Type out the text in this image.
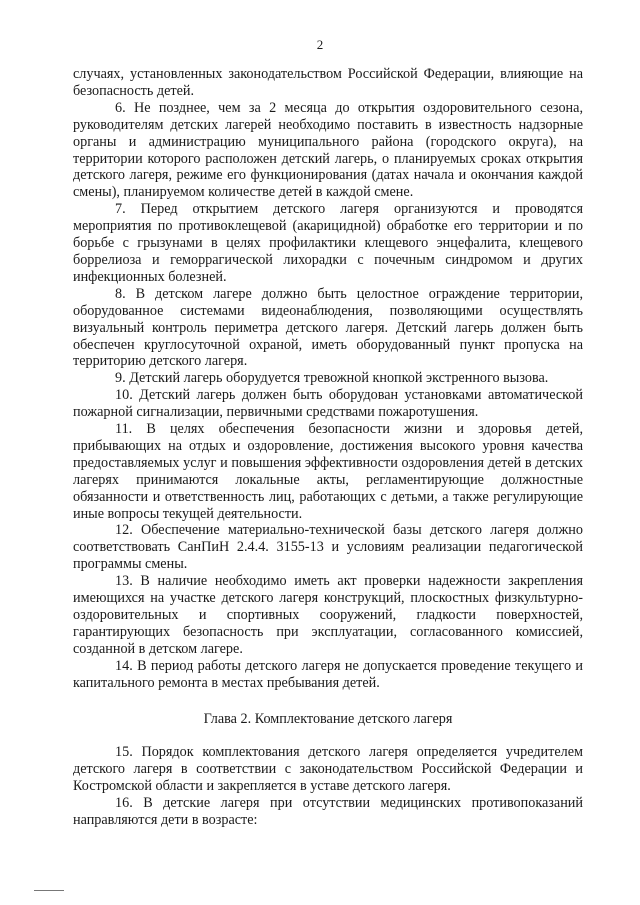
2

случаях, установленных законодательством Российской Федерации, влияющие на безопасность детей.

6. Не позднее, чем за 2 месяца до открытия оздоровительного сезона, руководителям детских лагерей необходимо поставить в известность надзорные органы и администрацию муниципального района (городского округа), на территории которого расположен детский лагерь, о планируемых сроках открытия детского лагеря, режиме его функционирования (датах начала и окончания каждой смены), планируемом количестве детей в каждой смене.

7. Перед открытием детского лагеря организуются и проводятся мероприятия по противоклещевой (акарицидной) обработке его территории и по борьбе с грызунами в целях профилактики клещевого энцефалита, клещевого боррелиоза и геморрагической лихорадки с почечным синдромом и других инфекционных болезней.

8. В детском лагере должно быть целостное ограждение территории, оборудованное системами видеонаблюдения, позволяющими осуществлять визуальный контроль периметра детского лагеря. Детский лагерь должен быть обеспечен круглосуточной охраной, иметь оборудованный пункт пропуска на территорию детского лагеря.

9. Детский лагерь оборудуется тревожной кнопкой экстренного вызова.

10. Детский лагерь должен быть оборудован установками автоматической пожарной сигнализации, первичными средствами пожаротушения.

11. В целях обеспечения безопасности жизни и здоровья детей, прибывающих на отдых и оздоровление, достижения высокого уровня качества предоставляемых услуг и повышения эффективности оздоровления детей в детских лагерях принимаются локальные акты, регламентирующие должностные обязанности и ответственность лиц, работающих с детьми, а также регулирующие иные вопросы текущей деятельности.

12. Обеспечение материально-технической базы детского лагеря должно соответствовать СанПиН 2.4.4. 3155-13 и условиям реализации педагогической программы смены.

13. В наличие необходимо иметь акт проверки надежности закрепления имеющихся на участке детского лагеря конструкций, плоскостных физкультурно-оздоровительных и спортивных сооружений, гладкости поверхностей, гарантирующих безопасность при эксплуатации, согласованного комиссией, созданной в детском лагере.

14. В период работы детского лагеря не допускается проведение текущего и капитального ремонта в местах пребывания детей.

Глава 2. Комплектование детского лагеря

15. Порядок комплектования детского лагеря определяется учредителем детского лагеря в соответствии с законодательством Российской Федерации и Костромской области и закрепляется в уставе детского лагеря.

16. В детские лагеря при отсутствии медицинских противопоказаний направляются дети в возрасте:
